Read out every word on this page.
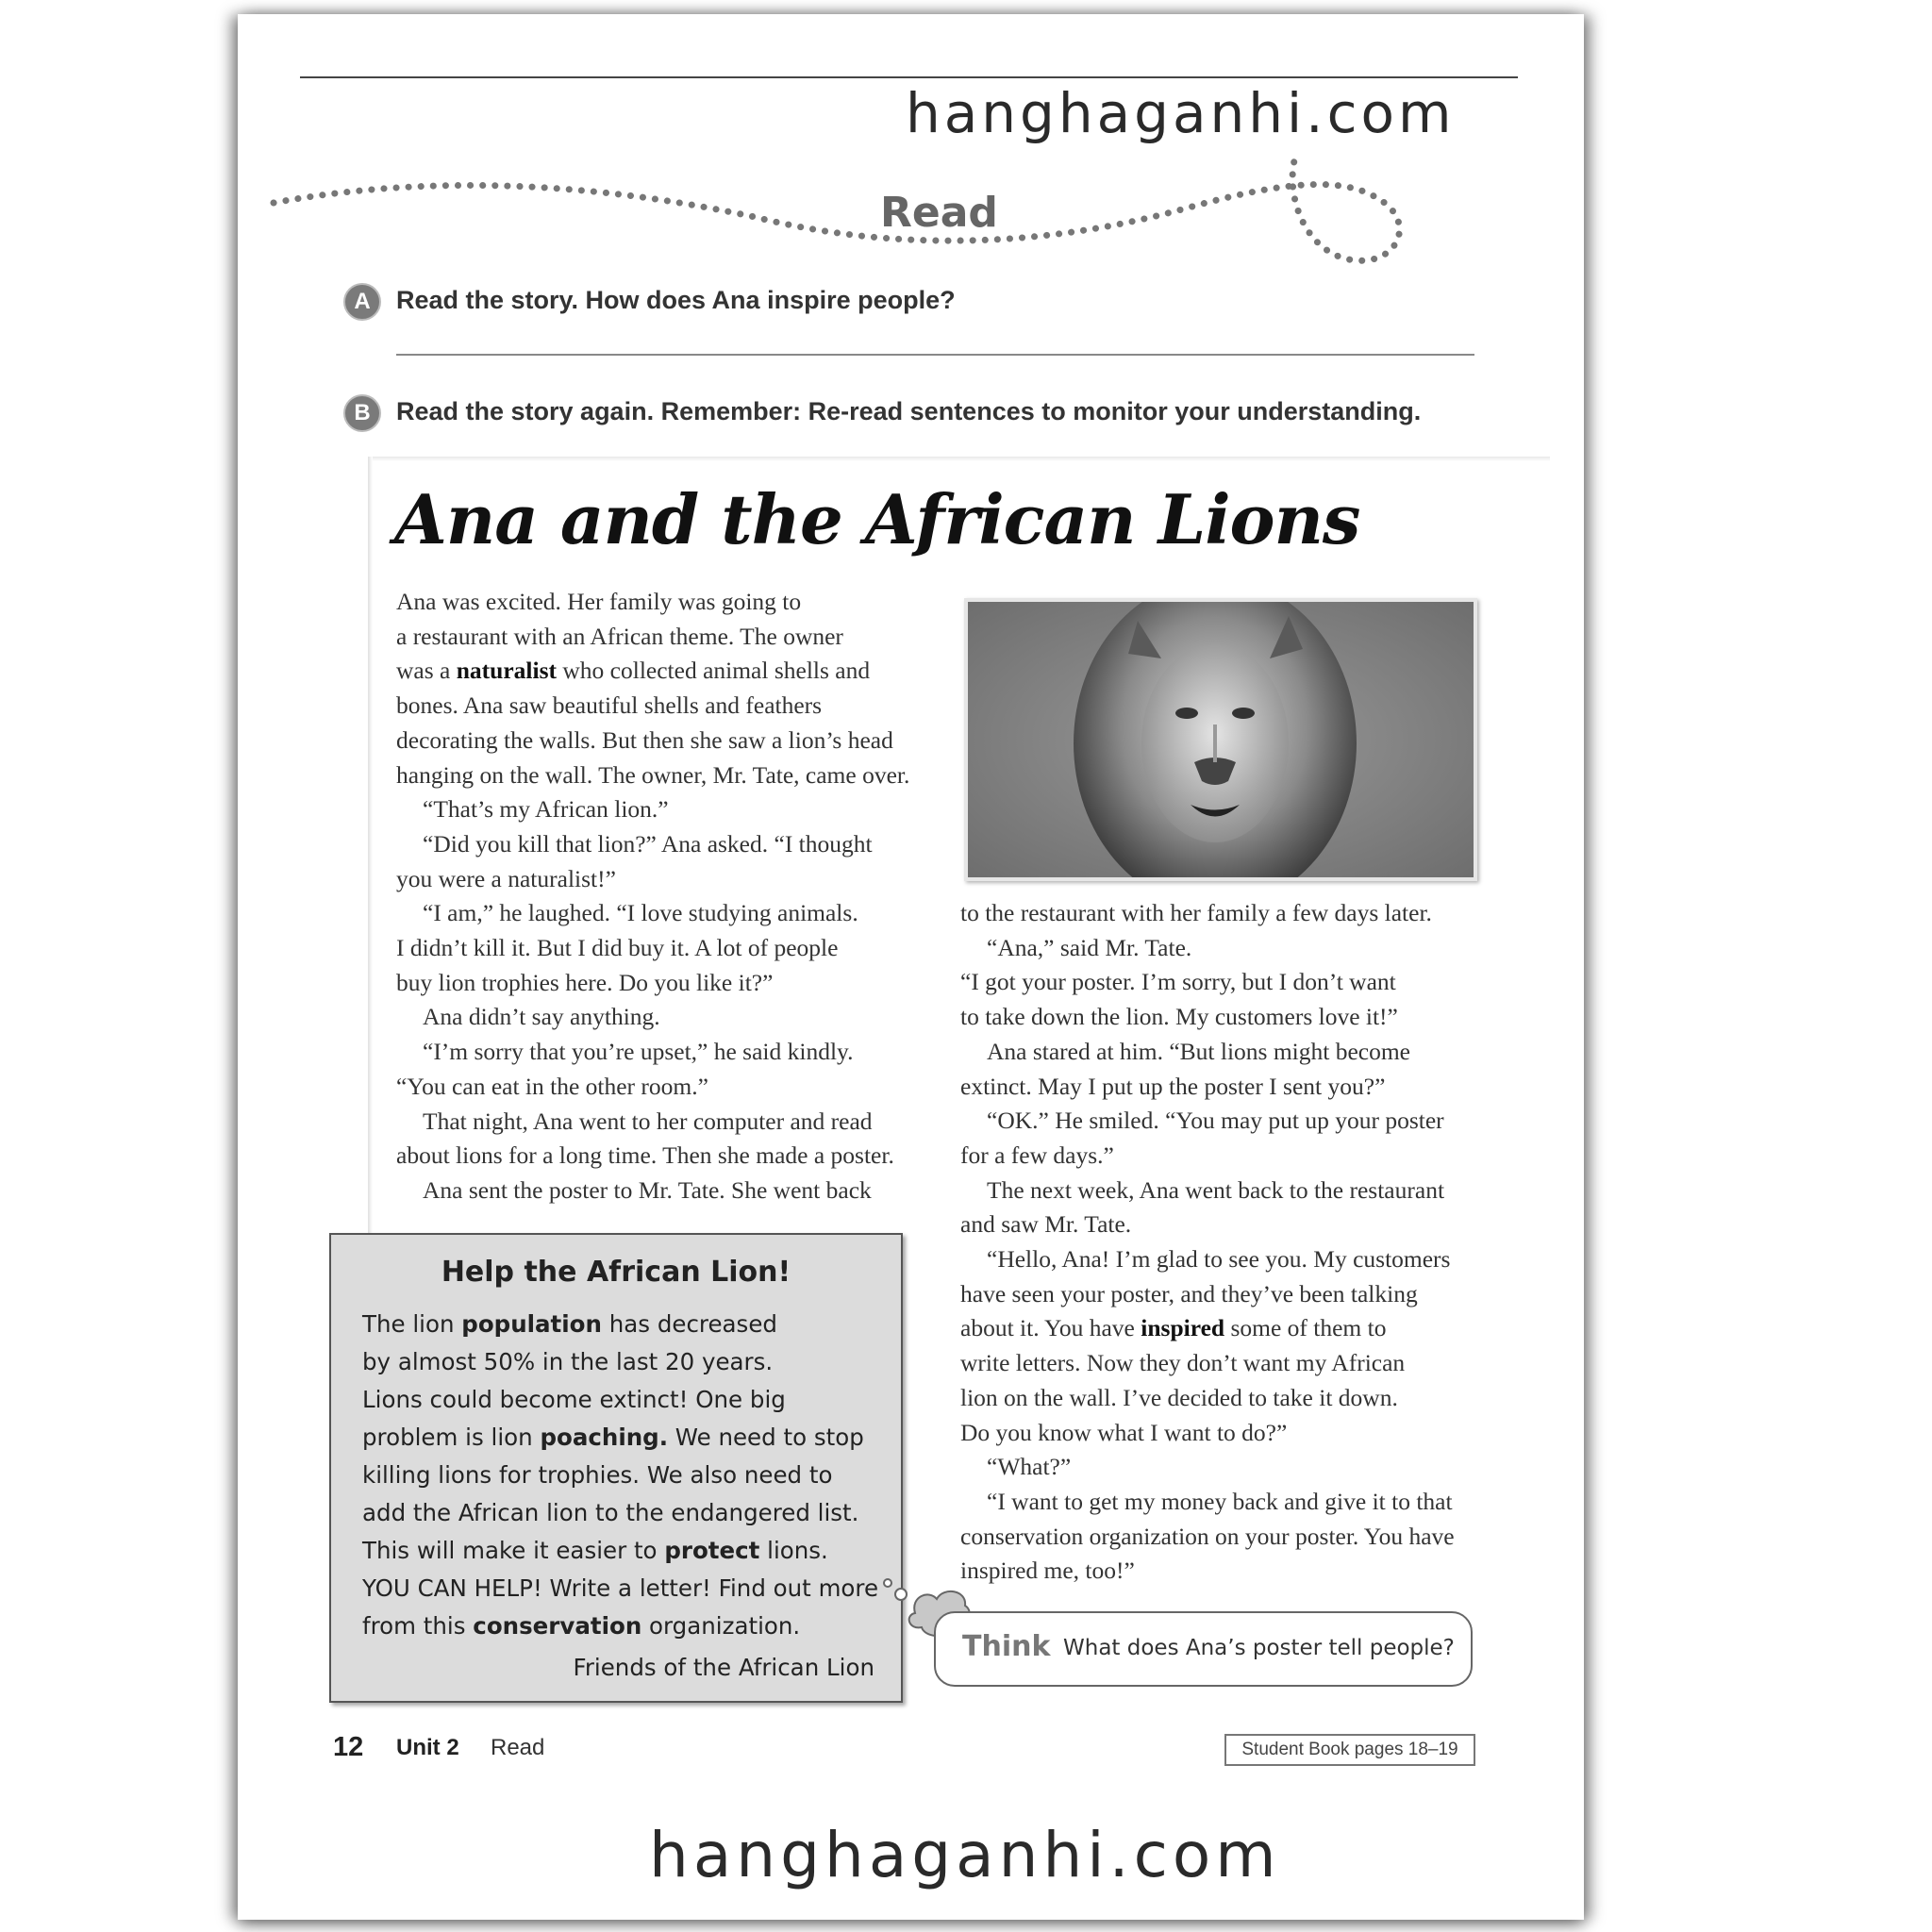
hanghaganhi.com
Read
A	Read the story. How does Ana inspire people?
B	Read the story again. Remember: Re-read sentences to monitor your understanding.
Ana and the African Lions

Ana was excited. Her family was going to

a restaurant with an African theme. The owner

was a naturalist who collected animal shells and

bones. Ana saw beautiful shells and feathers

decorating the walls. But then she saw a lion’s head

hanging on the wall. The owner, Mr. Tate, came over.

“That’s my African lion.”

“Did you kill that lion?” Ana asked. “I thought

you were a naturalist!”

“I am,” he laughed. “I love studying animals.

I didn’t kill it. But I did buy it. A lot of people

buy lion trophies here. Do you like it?”

Ana didn’t say anything.

“I’m sorry that you’re upset,” he said kindly.

“You can eat in the other room.”

That night, Ana went to her computer and read

about lions for a long time. Then she made a poster.

Ana sent the poster to Mr. Tate. She went back

to the restaurant with her family a few days later.

“Ana,” said Mr. Tate.

“I got your poster. I’m sorry, but I don’t want

to take down the lion. My customers love it!”

Ana stared at him. “But lions might become

extinct. May I put up the poster I sent you?”

“OK.” He smiled. “You may put up your poster

for a few days.”

The next week, Ana went back to the restaurant

and saw Mr. Tate.

“Hello, Ana! I’m glad to see you. My customers

have seen your poster, and they’ve been talking

about it. You have inspired some of them to

write letters. Now they don’t want my African

lion on the wall. I’ve decided to take it down.

Do you know what I want to do?”

“What?”

“I want to get my money back and give it to that

conservation organization on your poster. You have

inspired me, too!”

Help the African Lion!
The lion population has decreased
by almost 50% in the last 20 years.
Lions could become extinct! One big
problem is lion poaching. We need to stop
killing lions for trophies. We also need to
add the African lion to the endangered list.
This will make it easier to protect lions.
YOU CAN HELP! Write a letter! Find out more
from this conservation organization.
Friends of the African Lion
Think What does Ana’s poster tell people?
12 Unit 2 Read	Student Book pages 18–19
hanghaganhi.com
